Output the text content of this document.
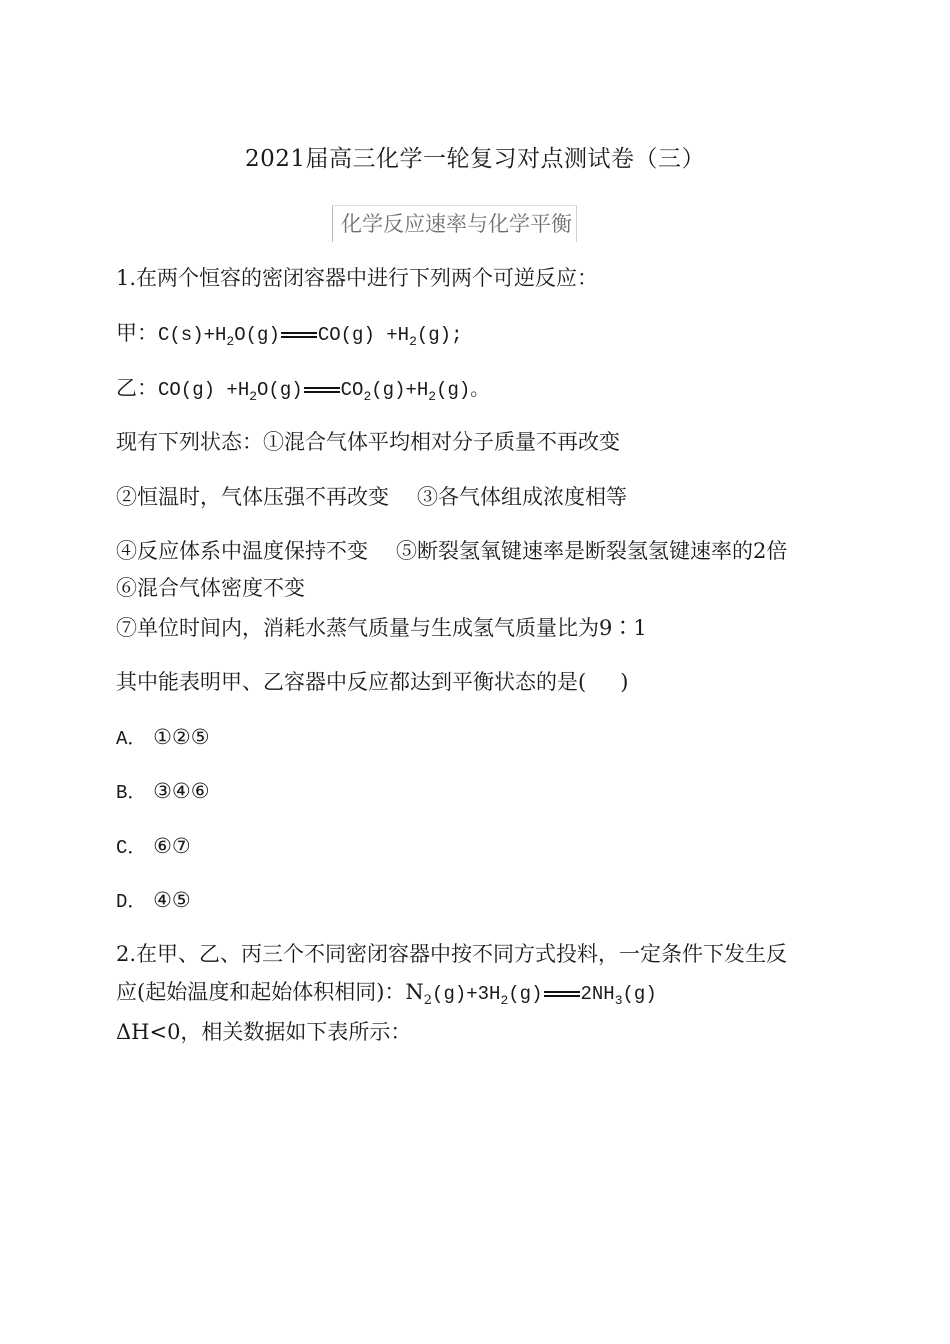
2021届高三化学一轮复习对点测试卷（三）
化学反应速率与化学平衡
1.在两个恒容的密闭容器中进行下列两个可逆反应：
甲：$C(s)+H_2O(g)$ $CO(g) +H_2(g)$;
乙：$CO(g) +H_2O(g)$ $CO_2(g)+H_2(g)$。
现有下列状态：①混合气体平均相对分子质量不再改变
②恒温时，气体压强不再改变 ③各气体组成浓度相等
④反应体系中温度保持不变 ⑤断裂氢氧键速率是断裂氢氢键速率的2倍
⑥混合气体密度不变
⑦单位时间内，消耗水蒸气质量与生成氢气质量比为9∶1
其中能表明甲、乙容器中反应都达到平衡状态的是( )
A． ①②⑤
B． ③④⑥
C． ⑥⑦
D． ④⑤
2.在甲、乙、丙三个不同密闭容器中按不同方式投料，一定条件下发生反
应(起始温度和起始体积相同)：$N_2(g)+3H_2(g)$ $2NH_3(g)$
ΔH<0，相关数据如下表所示：
